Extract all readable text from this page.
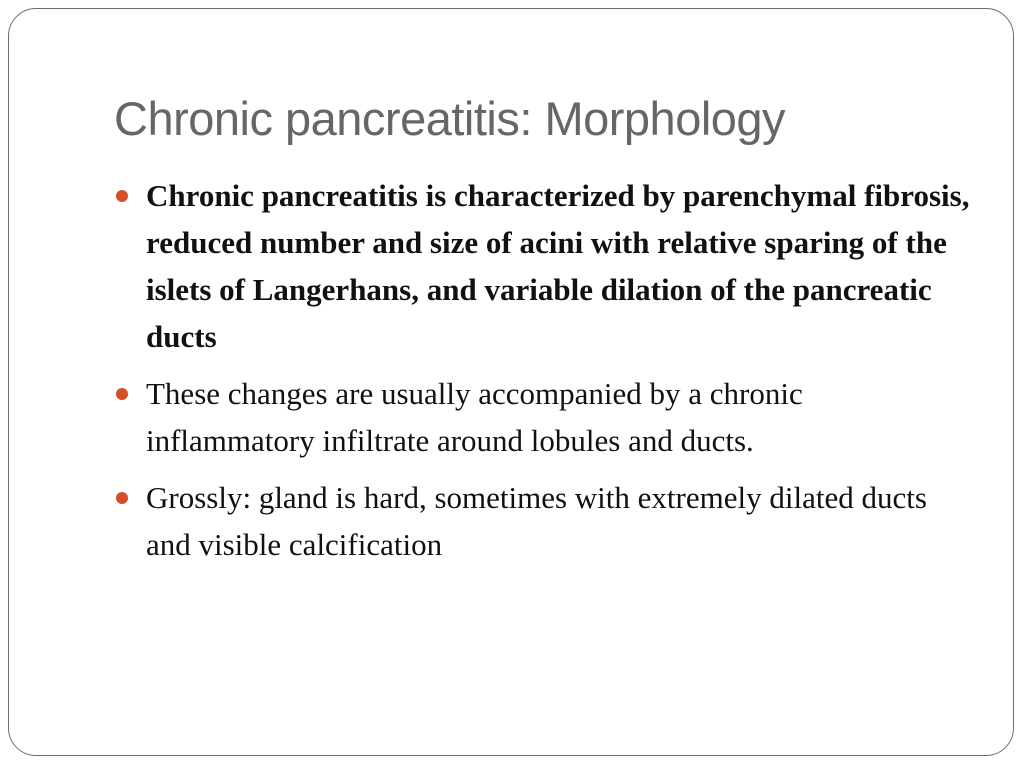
Chronic pancreatitis: Morphology
Chronic pancreatitis is characterized by parenchymal fibrosis, reduced number and size of acini with relative sparing of the islets of Langerhans, and variable dilation of the pancreatic ducts
These changes are usually accompanied by a chronic inflammatory infiltrate around lobules and ducts.
Grossly: gland is hard, sometimes with extremely dilated ducts and visible calcification
